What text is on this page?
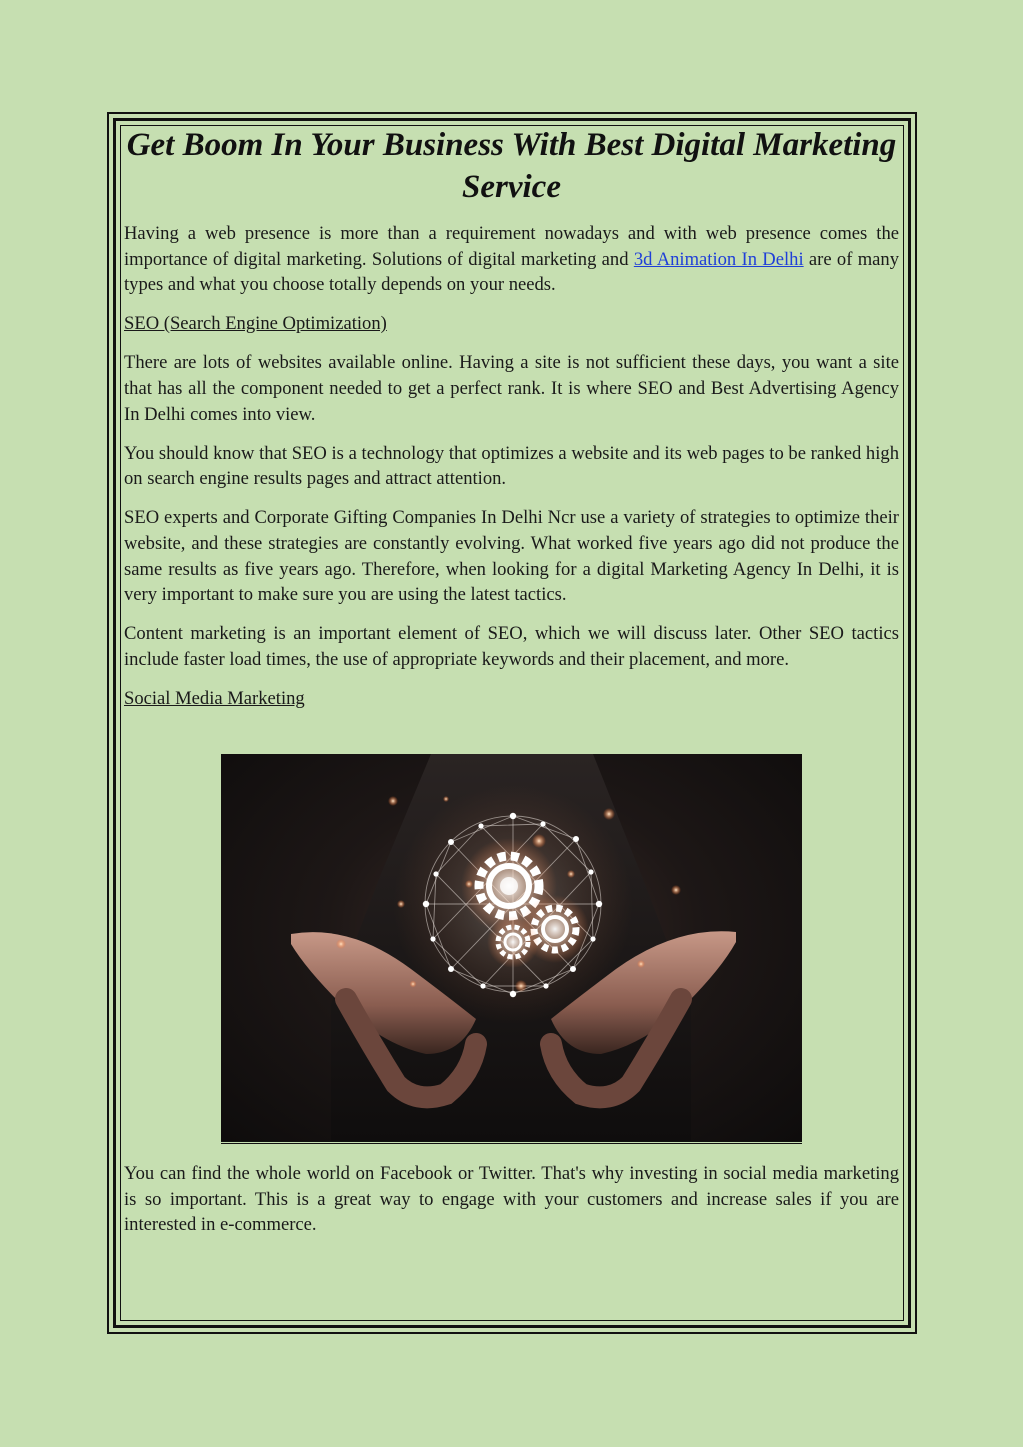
Get Boom In Your Business With Best Digital Marketing Service

Having a web presence is more than a requirement nowadays and with web presence comes the importance of digital marketing. Solutions of digital marketing and 3d Animation In Delhi are of many types and what you choose totally depends on your needs.

SEO (Search Engine Optimization)

There are lots of websites available online. Having a site is not sufficient these days, you want a site that has all the component needed to get a perfect rank. It is where SEO and Best Advertising Agency In Delhi comes into view.

You should know that SEO is a technology that optimizes a website and its web pages to be ranked high on search engine results pages and attract attention.

SEO experts and Corporate Gifting Companies In Delhi Ncr use a variety of strategies to optimize their website, and these strategies are constantly evolving. What worked five years ago did not produce the same results as five years ago. Therefore, when looking for a digital Marketing Agency In Delhi, it is very important to make sure you are using the latest tactics.

Content marketing is an important element of SEO, which we will discuss later. Other SEO tactics include faster load times, the use of appropriate keywords and their placement, and more.

Social Media Marketing

You can find the whole world on Facebook or Twitter. That's why investing in social media marketing is so important. This is a great way to engage with your customers and increase sales if you are interested in e-commerce.
